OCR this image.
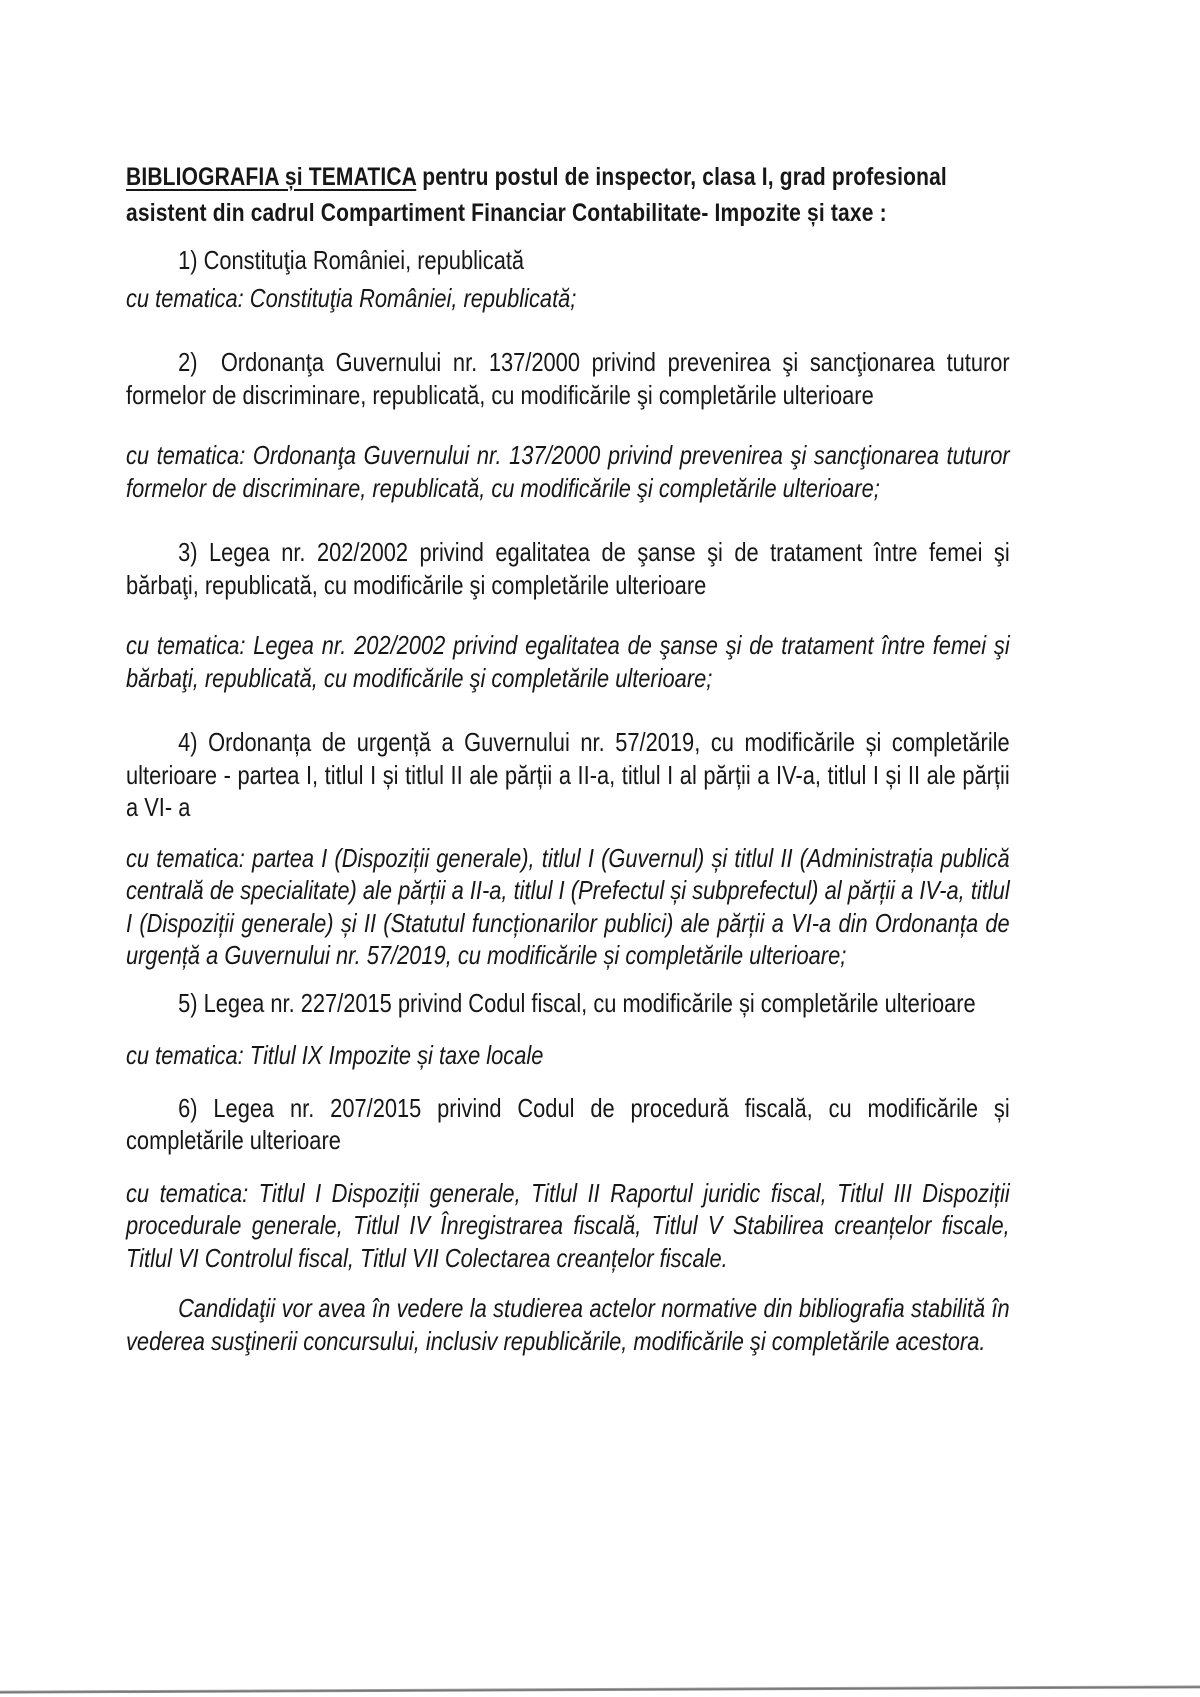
BIBLIOGRAFIA și TEMATICA pentru postul de inspector, clasa I, grad profesional asistent din cadrul Compartiment Financiar Contabilitate- Impozite și taxe :

1) Constituţia României, republicată

cu tematica: Constituţia României, republicată;

2) Ordonanţa Guvernului nr. 137/2000 privind prevenirea şi sancţionarea tuturor formelor de discriminare, republicată, cu modificările şi completările ulterioare

cu tematica: Ordonanţa Guvernului nr. 137/2000 privind prevenirea şi sancţionarea tuturor formelor de discriminare, republicată, cu modificările şi completările ulterioare;

3) Legea nr. 202/2002 privind egalitatea de şanse şi de tratament între femei şi bărbaţi, republicată, cu modificările şi completările ulterioare

cu tematica: Legea nr. 202/2002 privind egalitatea de şanse şi de tratament între femei şi bărbaţi, republicată, cu modificările şi completările ulterioare;

4) Ordonanța de urgență a Guvernului nr. 57/2019, cu modificările și completările ulterioare - partea I, titlul I și titlul II ale părții a II-a, titlul I al părții a IV-a, titlul I și II ale părții a VI- a

cu tematica: partea I (Dispoziții generale), titlul I (Guvernul) și titlul II (Administrația publică centrală de specialitate) ale părții a II-a, titlul I (Prefectul și subprefectul) al părții a IV-a, titlul I (Dispoziții generale) și II (Statutul funcționarilor publici) ale părții a VI-a din Ordonanța de urgență a Guvernului nr. 57/2019, cu modificările și completările ulterioare;

5) Legea nr. 227/2015 privind Codul fiscal, cu modificările și completările ulterioare

cu tematica: Titlul IX Impozite și taxe locale

6) Legea nr. 207/2015 privind Codul de procedură fiscală, cu modificările și completările ulterioare

cu tematica: Titlul I Dispoziții generale, Titlul II Raportul juridic fiscal, Titlul III Dispoziții procedurale generale, Titlul IV Înregistrarea fiscală, Titlul V Stabilirea creanțelor fiscale, Titlul VI Controlul fiscal, Titlul VII Colectarea creanțelor fiscale.

Candidaţii vor avea în vedere la studierea actelor normative din bibliografia stabilită în vederea susţinerii concursului, inclusiv republicările, modificările şi completările acestora.
